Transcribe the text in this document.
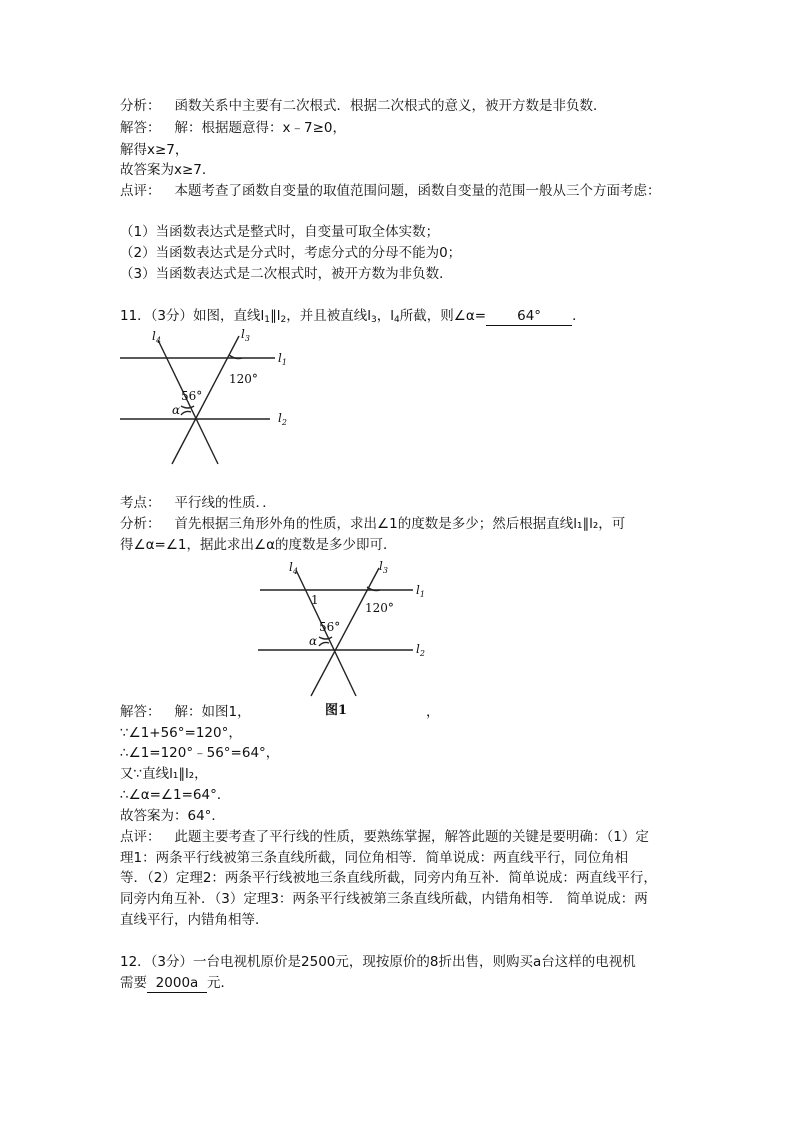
分析： 函数关系中主要有二次根式．根据二次根式的意义，被开方数是非负数．
解答： 解：根据题意得：x﹣7≥0，
解得x≥7，
故答案为x≥7．
点评： 本题考查了函数自变量的取值范围问题，函数自变量的范围一般从三个方面考虑：
（1）当函数表达式是整式时，自变量可取全体实数；
（2）当函数表达式是分式时，考虑分式的分母不能为0；
（3）当函数表达式是二次根式时，被开方数为非负数．
11．（3分）如图，直线$l_1\parallel l_2$，并且被直线$l_3$，$l_4$所截，则∠α= 64° ．
$l_4$	$l_3$
$l_1$
$l_2$
120°
56°
α
考点： 平行线的性质．．
分析： 首先根据三角形外角的性质，求出∠1的度数是多少；然后根据直线l₁∥l₂，可
得∠α=∠1，据此求出∠α的度数是多少即可．
$l_4$	$l_3$
$l_1$
$l_2$
1
120°
56°
α
图1
解答： 解：如图1，	，
∵∠1+56°=120°，
∴∠1=120°﹣56°=64°，
又∵直线l₁∥l₂，
∴∠α=∠1=64°．
故答案为：64°．
点评： 此题主要考查了平行线的性质，要熟练掌握，解答此题的关键是要明确：（1）定
理1：两条平行线被第三条直线所截，同位角相等．简单说成：两直线平行，同位角相
等．（2）定理2：两条平行线被地三条直线所截，同旁内角互补．简单说成：两直线平行，
同旁内角互补．（3）定理3：两条平行线被第三条直线所截，内错角相等． 简单说成：两
直线平行，内错角相等．
12．（3分）一台电视机原价是2500元，现按原价的8折出售，则购买a台这样的电视机
需要 2000a 元．
